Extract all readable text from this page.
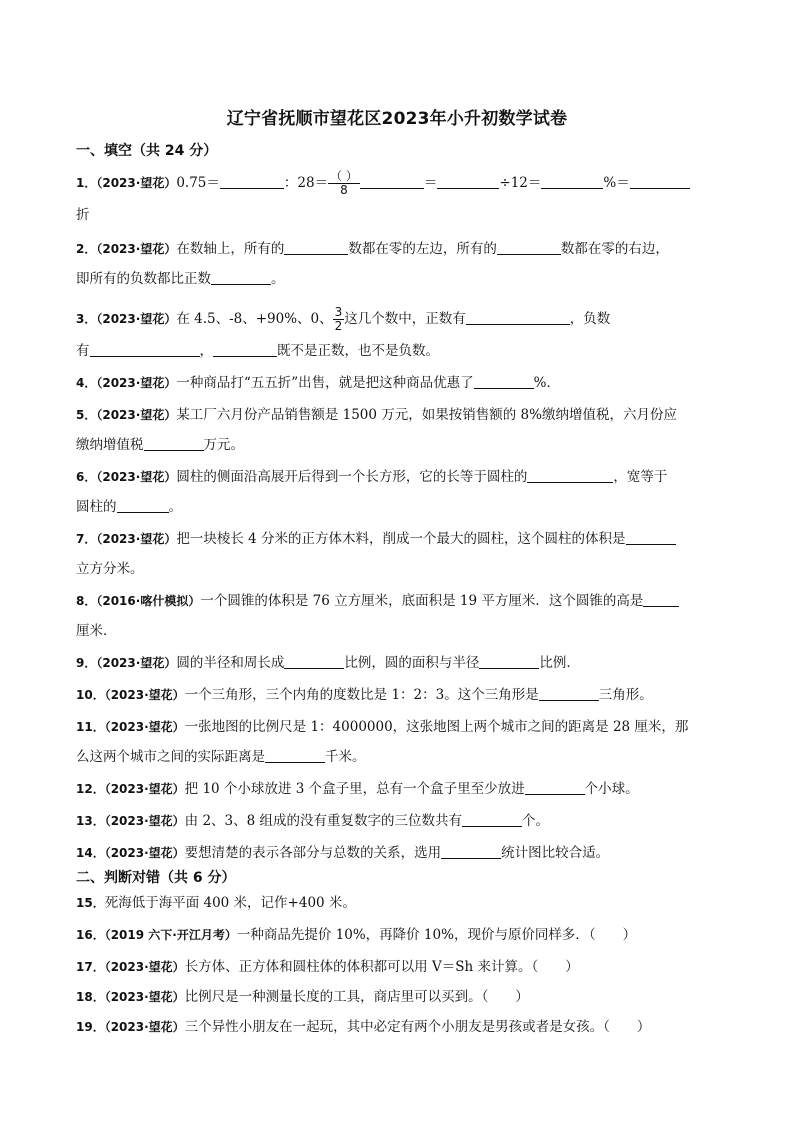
辽宁省抚顺市望花区2023年小升初数学试卷
一、填空（共 24 分）
1．（2023·望花）0.75＝	：$28= \frac{( )}{8}$	＝	÷12＝	%＝
折
2．（2023·望花）在数轴上，所有的	数都在零的左边，所有的	数都在零的右边，
即所有的负数都比正数	。
3．（2023·望花）在 4.5、-8、+90%、0、 $\frac{3}{2}$ 这几个数中，正数有	，负数
有	，	既不是正数，也不是负数。
4．（2023·望花）一种商品打“五五折”出售，就是把这种商品优惠了	%．
5．（2023·望花）某工厂六月份产品销售额是 1500 万元，如果按销售额的 8%缴纳增值税，六月份应
缴纳增值税	万元。
6．（2023·望花）圆柱的侧面沿高展开后得到一个长方形，它的长等于圆柱的	，宽等于
圆柱的	。
7．（2023·望花）把一块棱长 4 分米的正方体木料，削成一个最大的圆柱，这个圆柱的体积是
立方分米。
8．（2016·喀什模拟）一个圆锥的体积是 76 立方厘米，底面积是 19 平方厘米．这个圆锥的高是
厘米．
9．（2023·望花）圆的半径和周长成	比例，圆的面积与半径	比例．
10．（2023·望花）一个三角形，三个内角的度数比是 1：2：3。这个三角形是	三角形。
11．（2023·望花）一张地图的比例尺是 1：4000000，这张地图上两个城市之间的距离是 28 厘米，那
么这两个城市之间的实际距离是	千米。
12．（2023·望花）把 10 个小球放进 3 个盒子里，总有一个盒子里至少放进	个小球。
13．（2023·望花）由 2、3、8 组成的没有重复数字的三位数共有	个。
14．（2023·望花）要想清楚的表示各部分与总数的关系，选用	统计图比较合适。
二、判断对错（共 6 分）
15．死海低于海平面 400 米，记作+400 米。
16．（2019 六下·开江月考）一种商品先提价 10%，再降价 10%，现价与原价同样多．（　　）
17．（2023·望花）长方体、正方体和圆柱体的体积都可以用 V＝Sh 来计算。（　　）
18．（2023·望花）比例尺是一种测量长度的工具，商店里可以买到。（　　）
19．（2023·望花）三个异性小朋友在一起玩，其中必定有两个小朋友是男孩或者是女孩。（　　）
